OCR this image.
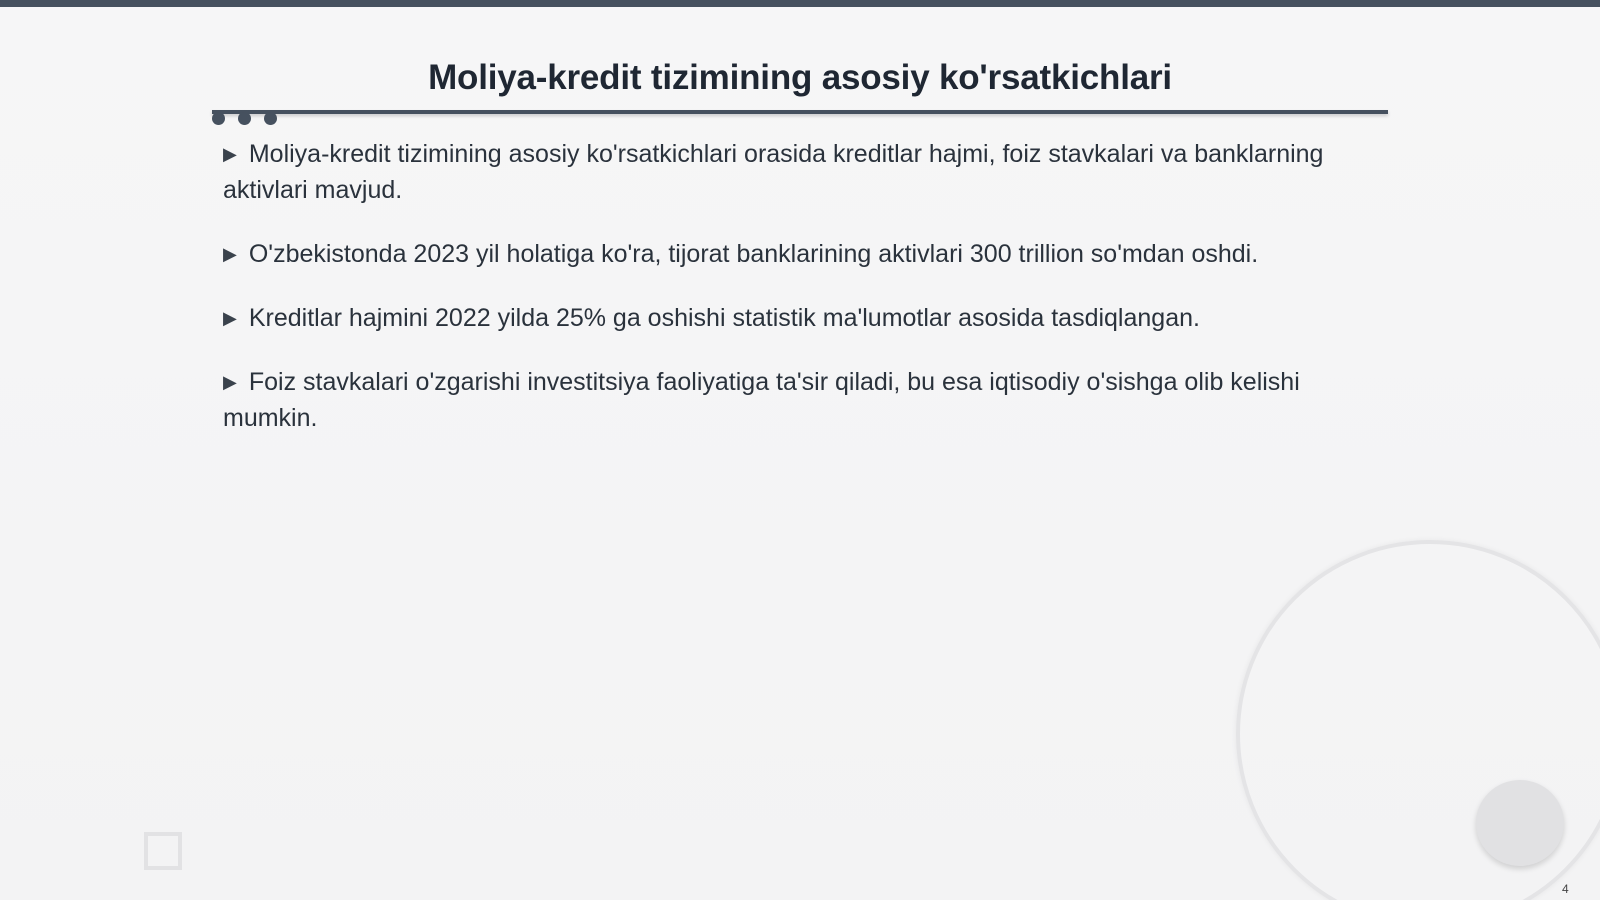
Moliya-kredit tizimining asosiy ko'rsatkichlari
▶ Moliya-kredit tizimining asosiy ko'rsatkichlari orasida kreditlar hajmi, foiz stavkalari va banklarning aktivlari mavjud.
▶ O'zbekistonda 2023 yil holatiga ko'ra, tijorat banklarining aktivlari 300 trillion so'mdan oshdi.
▶ Kreditlar hajmini 2022 yilda 25% ga oshishi statistik ma'lumotlar asosida tasdiqlangan.
▶ Foiz stavkalari o'zgarishi investitsiya faoliyatiga ta'sir qiladi, bu esa iqtisodiy o'sishga olib kelishi mumkin.
4
